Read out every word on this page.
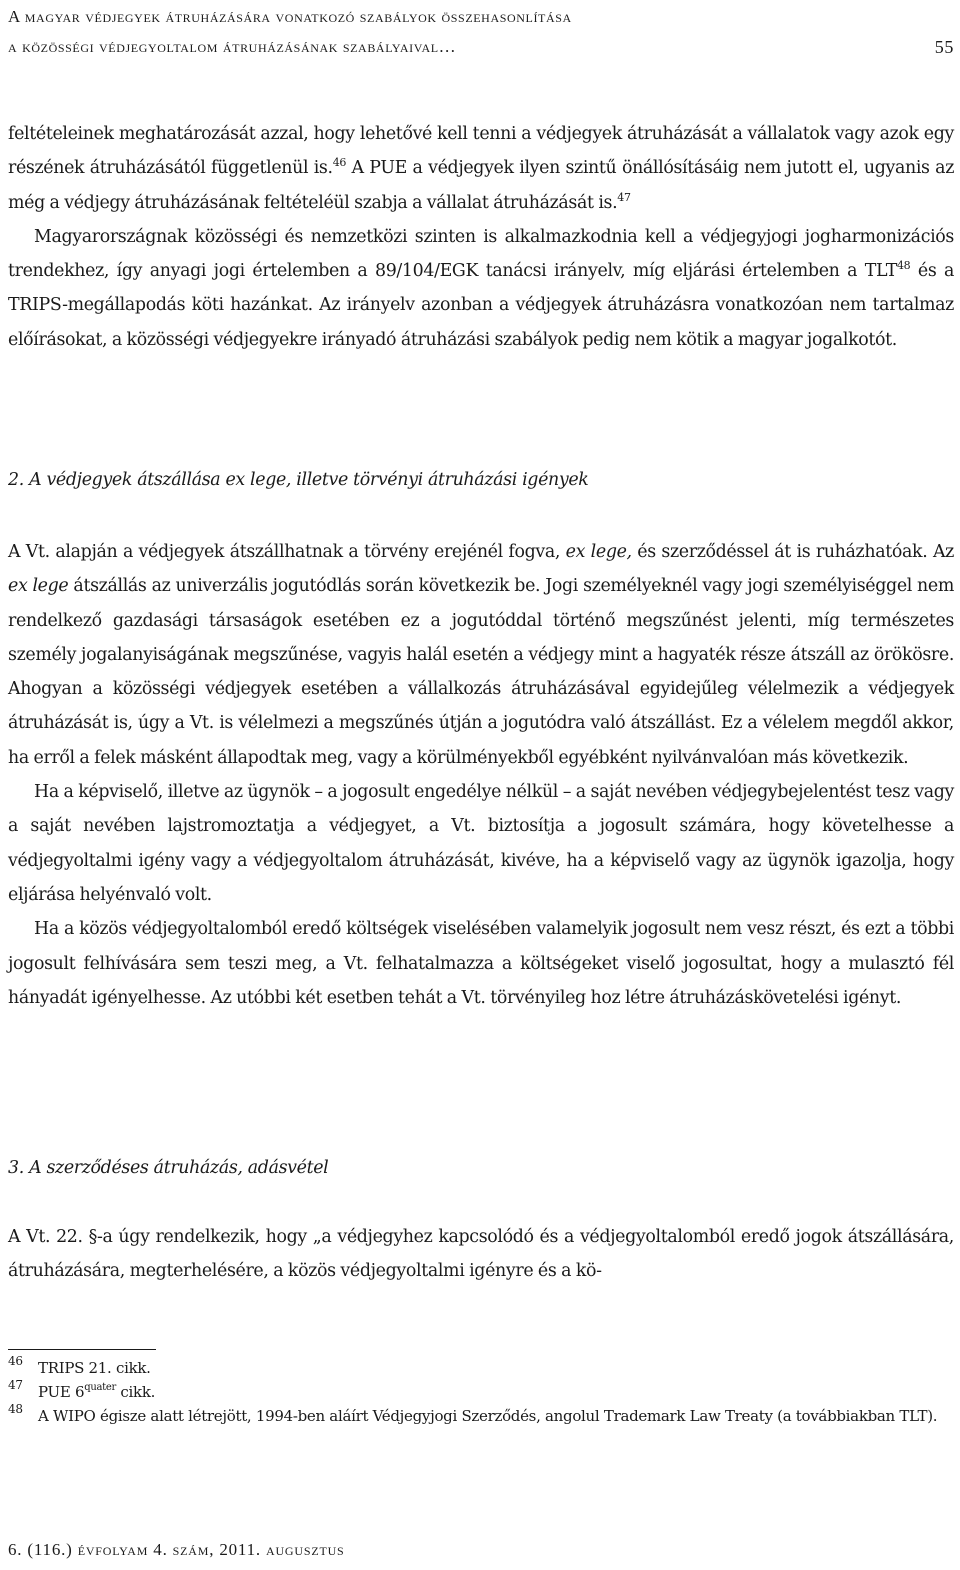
A magyar védjegyek átruházására vonatkozó szabályok összehasonlítása
a közösségi védjegyoltalom átruházásának szabályaival…	55

feltételeinek meghatározását azzal, hogy lehetővé kell tenni a védjegyek átruházását a vállalatok vagy azok egy részének átruházásától függetlenül is.$^{46}$ A PUE a védjegyek ilyen szintű önállósításáig nem jutott el, ugyanis az még a védjegy átruházásának feltételéül szabja a vállalat átruházását is.$^{47}$

Magyarországnak közösségi és nemzetközi szinten is alkalmazkodnia kell a védjegyjogi jogharmonizációs trendekhez, így anyagi jogi értelemben a 89/104/EGK tanácsi irányelv, míg eljárási értelemben a TLT$^{48}$ és a TRIPS-megállapodás köti hazánkat. Az irányelv azonban a védjegyek átruházásra vonatkozóan nem tartalmaz előírásokat, a közösségi védjegyekre irányadó átruházási szabályok pedig nem kötik a magyar jogalkotót.

2. A védjegyek átszállása ex lege, illetve törvényi átruházási igények

A Vt. alapján a védjegyek átszállhatnak a törvény erejénél fogva, ex lege, és szerződéssel át is ruházhatóak. Az ex lege átszállás az univerzális jogutódlás során következik be. Jogi személyeknél vagy jogi személyiséggel nem rendelkező gazdasági társaságok esetében ez a jogutóddal történő megszűnést jelenti, míg természetes személy jogalanyiságának megszűnése, vagyis halál esetén a védjegy mint a hagyaték része átszáll az örökösre. Ahogyan a közösségi védjegyek esetében a vállalkozás átruházásával egyidejűleg vélelmezik a védjegyek átruházását is, úgy a Vt. is vélelmezi a megszűnés útján a jogutódra való átszállást. Ez a vélelem megdől akkor, ha erről a felek másként állapodtak meg, vagy a körülményekből egyébként nyilvánvalóan más következik.

Ha a képviselő, illetve az ügynök – a jogosult engedélye nélkül – a saját nevében védjegybejelentést tesz vagy a saját nevében lajstromoztatja a védjegyet, a Vt. biztosítja a jogosult számára, hogy követelhesse a védjegyoltalmi igény vagy a védjegyoltalom átruházását, kivéve, ha a képviselő vagy az ügynök igazolja, hogy eljárása helyénvaló volt.

Ha a közös védjegyoltalomból eredő költségek viselésében valamelyik jogosult nem vesz részt, és ezt a többi jogosult felhívására sem teszi meg, a Vt. felhatalmazza a költségeket viselő jogosultat, hogy a mulasztó fél hányadát igényelhesse. Az utóbbi két esetben tehát a Vt. törvényileg hoz létre átruházáskövetelési igényt.

3. A szerződéses átruházás, adásvétel

A Vt. 22. §-a úgy rendelkezik, hogy „a védjegyhez kapcsolódó és a védjegyoltalomból eredő jogok átszállására, átruházására, megterhelésére, a közös védjegyoltalmi igényre és a kö-

46 TRIPS 21. cikk.
47 PUE $6^{quater}$ cikk.
48 A WIPO égisze alatt létrejött, 1994-ben aláírt Védjegyjogi Szerződés, angolul Trademark Law Treaty (a továbbiakban TLT).
6. (116.) évfolyam 4. szám, 2011. augusztus
